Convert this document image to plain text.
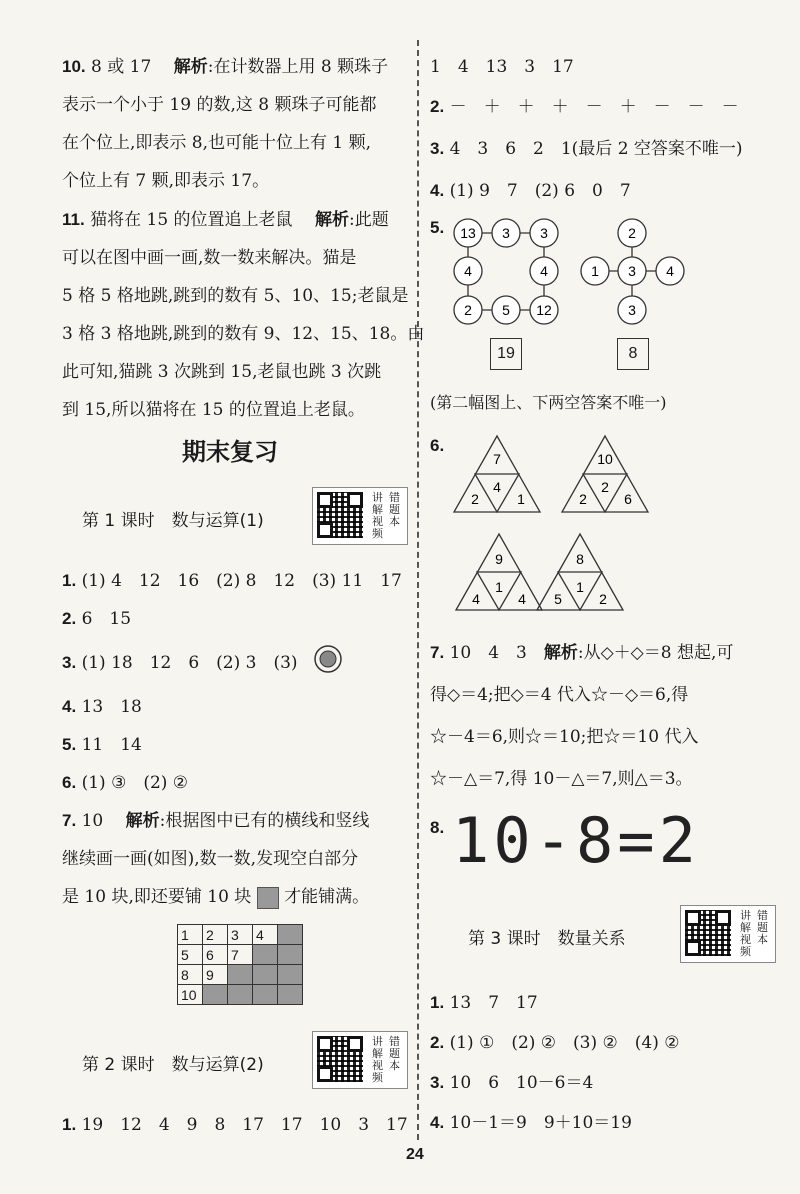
10. 8 或 17　 解析:在计数器上用 8 颗珠子
表示一个小于 19 的数,这 8 颗珠子可能都
在个位上,即表示 8,也可能十位上有 1 颗,
个位上有 7 颗,即表示 17。
11. 猫将在 15 的位置追上老鼠　 解析:此题
可以在图中画一画,数一数来解决。猫是
5 格 5 格地跳,跳到的数有 5、10、15;老鼠是
3 格 3 格地跳,跳到的数有 9、12、15、18。由
此可知,猫跳 3 次跳到 15,老鼠也跳 3 次跳
到 15,所以猫将在 15 的位置追上老鼠。
期末复习
第 1 课时　数与运算(1)
讲
解
视
频
错
题
本
1. (1) 4　12　16　(2) 8　12　(3) 11　17
2. 6　15
3. (1) 18　12　6　(2) 3　(3)
4. 13　18
5. 11　14
6. (1) ③　(2) ②
7. 10　 解析:根据图中已有的横线和竖线
继续画一画(如图),数一数,发现空白部分
是 10 块,即还要铺 10 块 才能铺满。
1	2	3	4	
5	6	7		
8	9			
10				
第 2 课时　数与运算(2)
讲
解
视
频
错
题
本
1. 19　12　4　9　8　17　17　10　3　17
1　4　13　3　17
2. －　＋　＋　＋　－　＋　－　－　－
3. 4　3　6　2　1(最后 2 空答案不唯一)
4. (1) 9　7　(2) 6　0　7
5. 13 3 3
4	4
2 5 12
2
1 3 4
3
19	8
(第二幅图上、下两空答案不唯一)
6.
7
2
4
1
10
2
2
6
9
4
1
4
8
5
1
2
7. 10　4　3　 解析:从◇＋◇＝8 想起,可
得◇＝4;把◇＝4 代入☆－◇＝6,得
☆－4＝6,则☆＝10;把☆＝10 代入
☆－△＝7,得 10－△＝7,则△＝3。
8. 10-8=2
第 3 课时　数量关系
讲
解
视
频
错
题
本
1. 13　7　17
2. (1) ①　(2) ②　(3) ②　(4) ②
3. 10　6　10－6＝4
4. 10－1＝9　9＋10＝19
24
